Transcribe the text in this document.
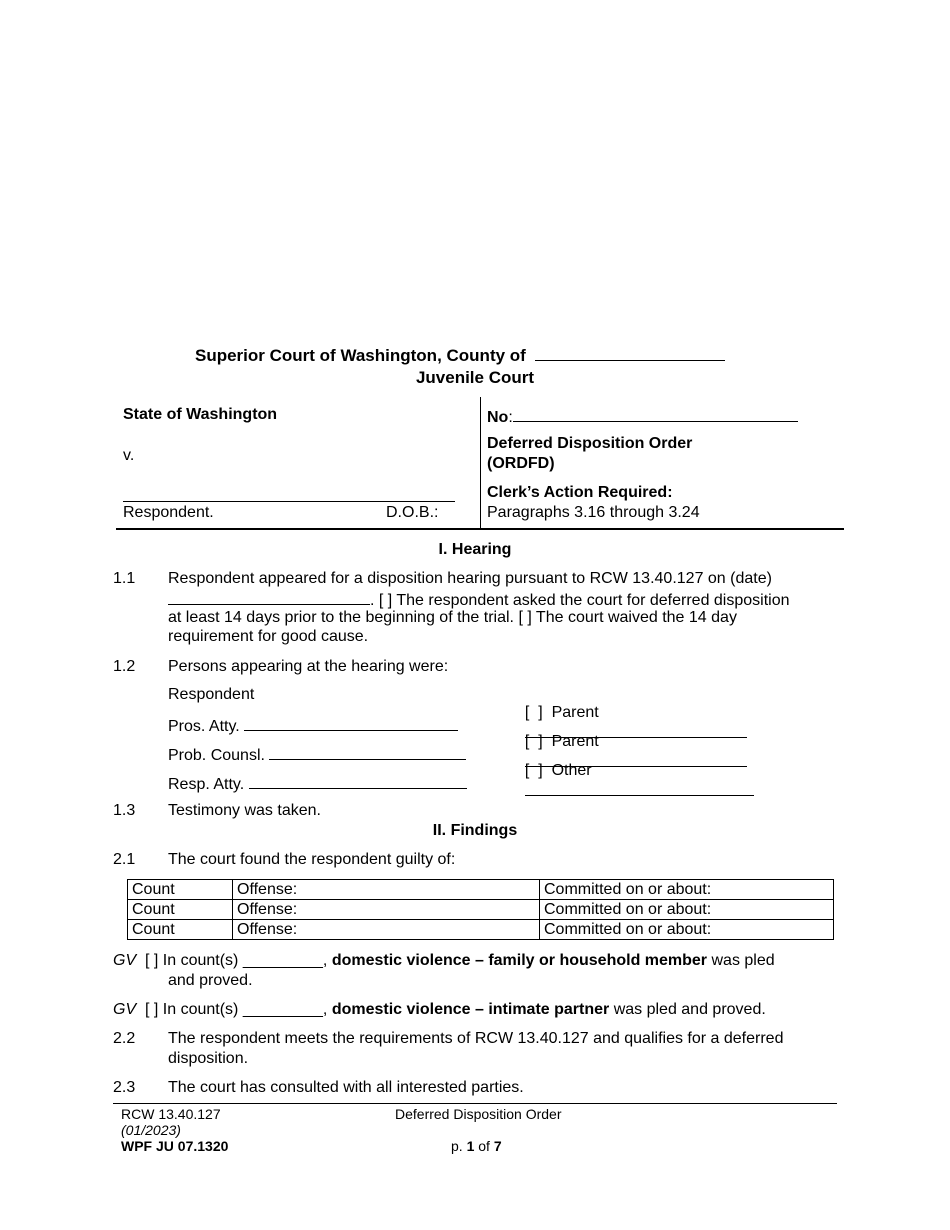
Superior Court of Washington, County of
Juvenile Court
State of Washington
v.
Respondent.	D.O.B.:
No:
Deferred Disposition Order
(ORDFD)
Clerk’s Action Required:
Paragraphs 3.16 through 3.24
I. Hearing
1.1 Respondent appeared for a disposition hearing pursuant to RCW 13.40.127 on (date)
. [ ] The respondent asked the court for deferred disposition
at least 14 days prior to the beginning of the trial. [ ] The court waived the 14 day
requirement for good cause.
1.2 Persons appearing at the hearing were:
Respondent
Pros. Atty.
Prob. Counsl.
Resp. Atty.

[  ]  Parent

[  ]  Parent

[  ]  Other

1.3 Testimony was taken.
II. Findings
2.1 The court found the respondent guilty of:
Count	Offense:	Committed on or about:
Count	Offense:	Committed on or about:
Count	Offense:	Committed on or about:
GV [ ] In count(s) _________, domestic violence – family or household member was pled
and proved.
GV [ ] In count(s) _________, domestic violence – intimate partner was pled and proved.
2.2 The respondent meets the requirements of RCW 13.40.127 and qualifies for a deferred
disposition.
2.3 The court has consulted with all interested parties.
RCW 13.40.127
(01/2023)
WPF JU 07.1320
Deferred Disposition Order
p. 1 of 7
